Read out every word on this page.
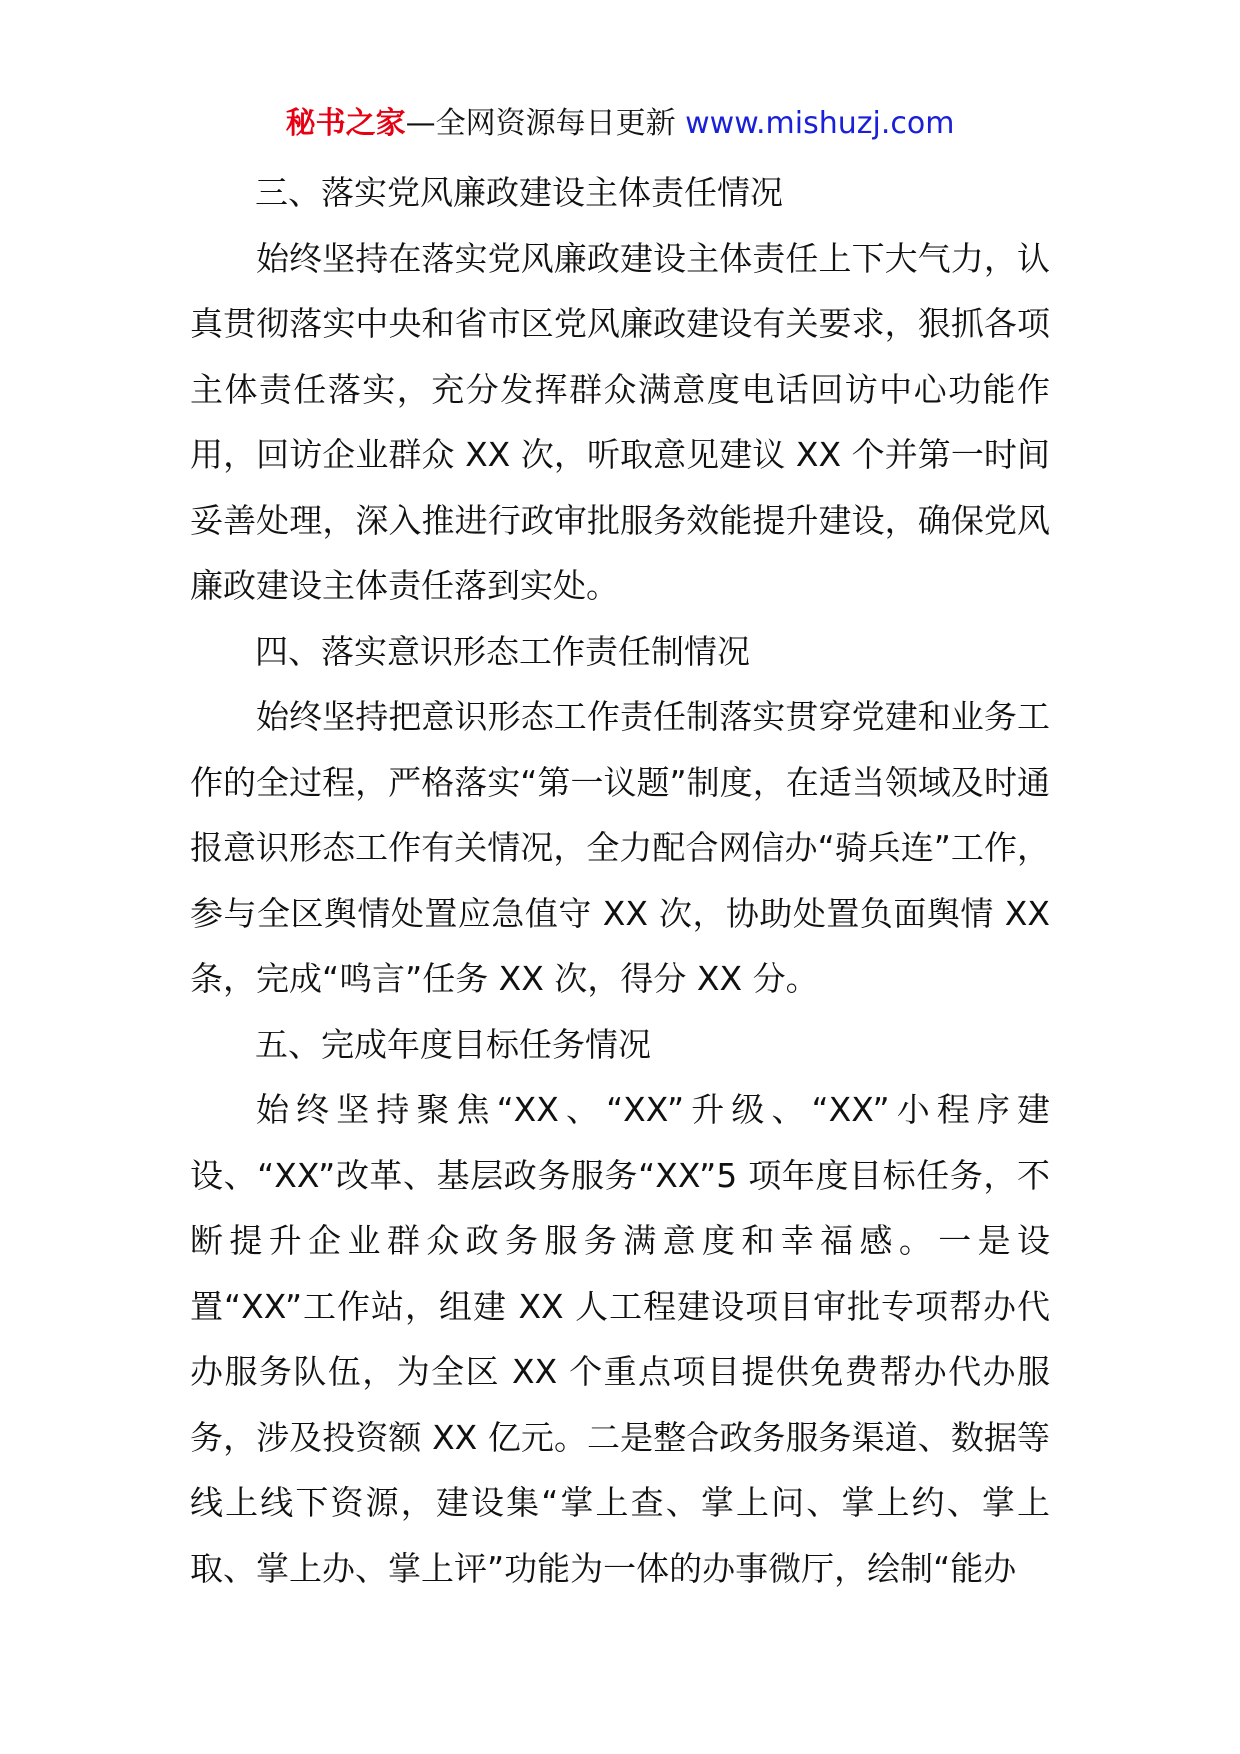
秘书之家—全网资源每日更新 www.mishuzj.com

三、落实党风廉政建设主体责任情况

始终坚持在落实党风廉政建设主体责任上下大气力，认真贯彻落实中央和省市区党风廉政建设有关要求，狠抓各项主体责任落实，充分发挥群众满意度电话回访中心功能作用，回访企业群众 XX 次，听取意见建议 XX 个并第一时间妥善处理，深入推进行政审批服务效能提升建设，确保党风廉政建设主体责任落到实处。

四、落实意识形态工作责任制情况

始终坚持把意识形态工作责任制落实贯穿党建和业务工作的全过程，严格落实“第一议题”制度，在适当领域及时通报意识形态工作有关情况，全力配合网信办“骑兵连”工作，参与全区舆情处置应急值守 XX 次，协助处置负面舆情 XX 条，完成“鸣言”任务 XX 次，得分 XX 分。

五、完成年度目标任务情况

始终坚持聚焦“XX、“XX”升级、“XX”小程序建设、“XX”改革、基层政务服务“XX”5 项年度目标任务，不断提升企业群众政务服务满意度和幸福感。一是设置“XX”工作站，组建 XX 人工程建设项目审批专项帮办代办服务队伍，为全区 XX 个重点项目提供免费帮办代办服务，涉及投资额 XX 亿元。二是整合政务服务渠道、数据等线上线下资源，建设集“掌上查、掌上问、掌上约、掌上取、掌上办、掌上评”功能为一体的办事微厅，绘制“能办
